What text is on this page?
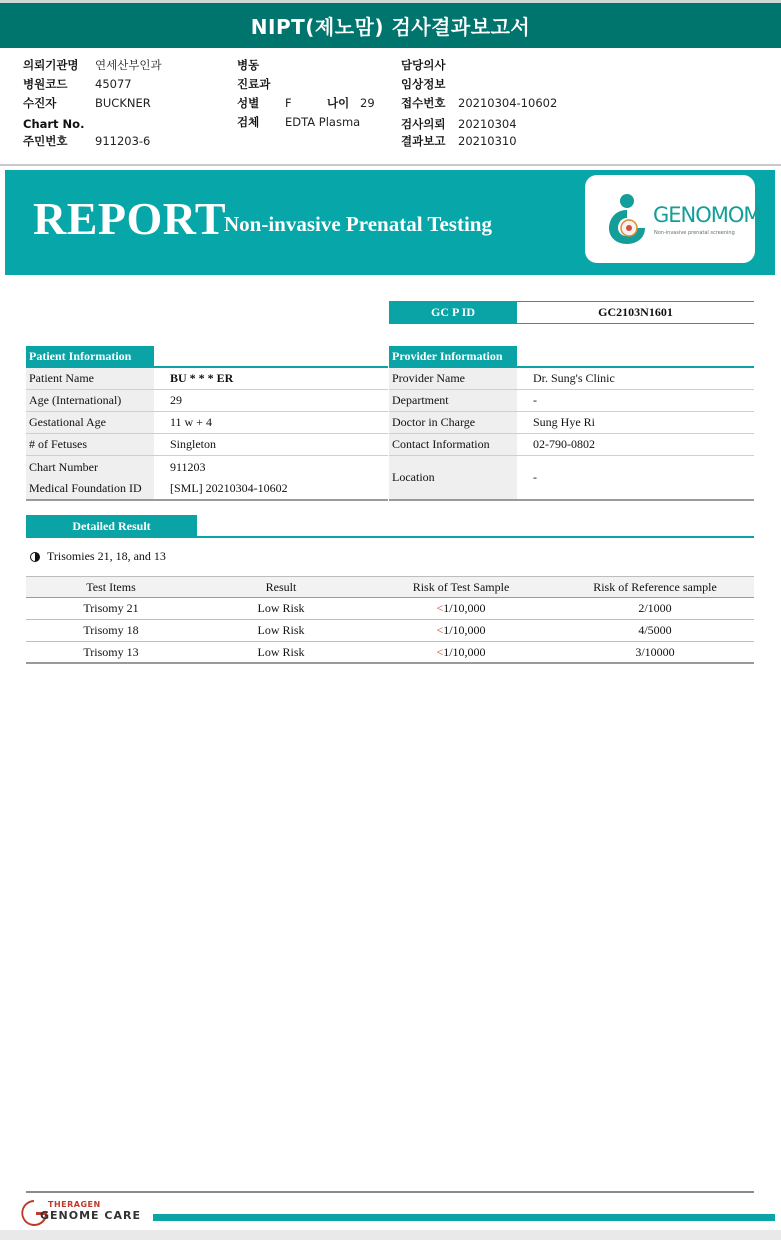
NIPT(제노맘) 검사결과보고서
의뢰기관명	연세산부인과
병원코드	45077
수진자	BUCKNER
Chart No.
주민번호	911203-6
병동
진료과
성별	F	나이 29
검체	EDTA Plasma
담당의사
임상정보
접수번호	20210304-10602
검사의뢰	20210304
결과보고	20210310
REPORT
Non-invasive Prenatal Testing	GENOMOM
Non-invasive prenatal screening
GC P ID	GC2103N1601
Patient Information
Patient Name	BU * * * ER
Age (International)	29
Gestational Age	11 w + 4
# of Fetuses	Singleton
Chart Number	911203
Medical Foundation ID	[SML] 20210304-10602
Provider Information
Provider Name	Dr. Sung's Clinic
Department	-
Doctor in Charge	Sung Hye Ri
Contact Information	02-790-0802
Location	-
Detailed Result
Trisomies 21, 18, and 13
Test Items	Result	Risk of Test Sample	Risk of Reference sample
Trisomy 21	Low Risk	<1/10,000	2/1000
Trisomy 18	Low Risk	<1/10,000	4/5000
Trisomy 13	Low Risk	<1/10,000	3/10000
THERAGEN
GENOME CARE
